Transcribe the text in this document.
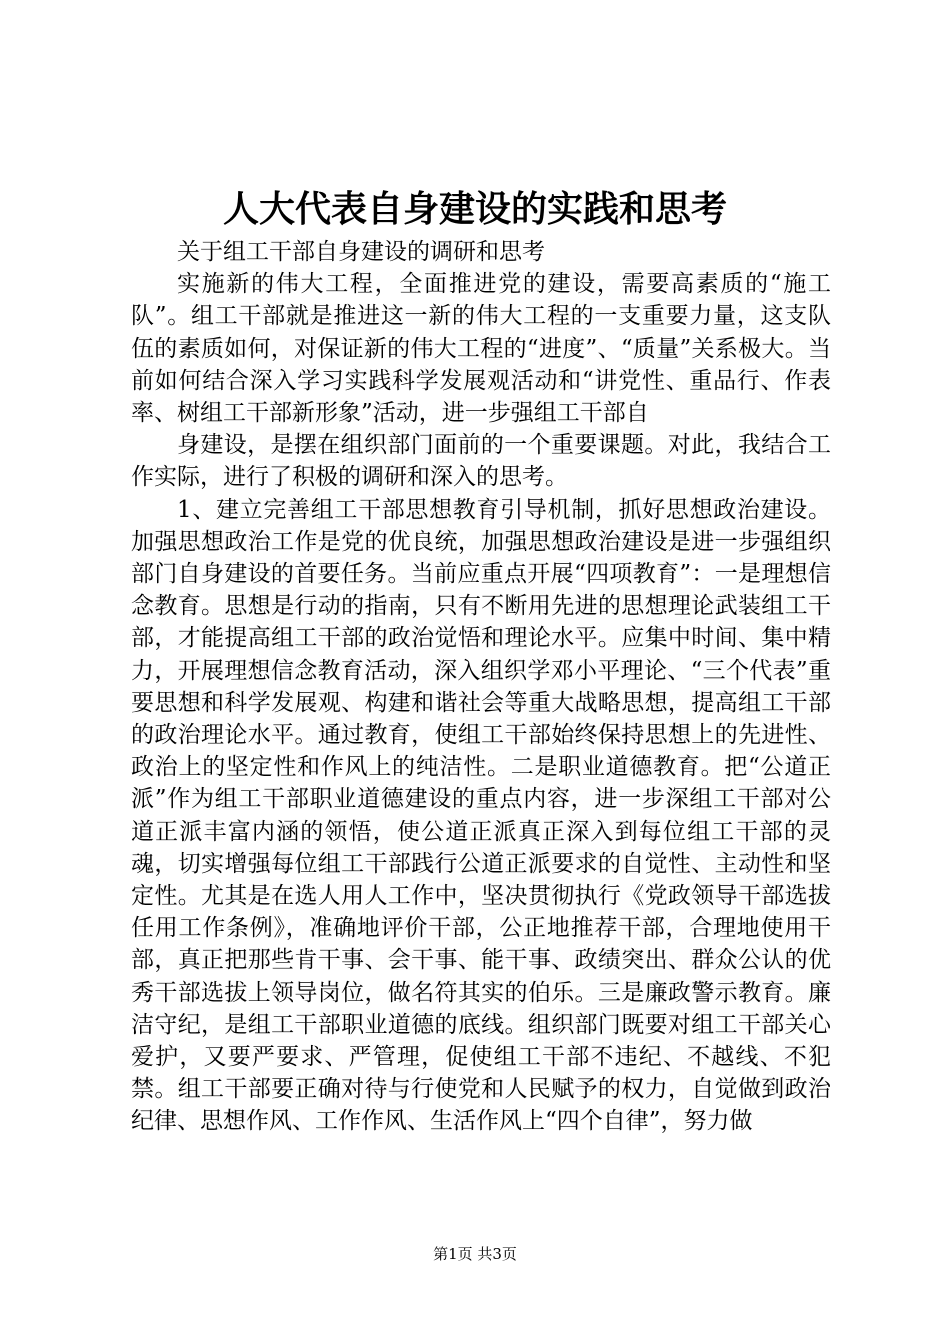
人大代表自身建设的实践和思考

关于组工干部自身建设的调研和思考

实施新的伟大工程，全面推进党的建设，需要高素质的“施工队”。组工干部就是推进这一新的伟大工程的一支重要力量，这支队伍的素质如何，对保证新的伟大工程的“进度”、“质量”关系极大。当前如何结合深入学习实践科学发展观活动和“讲党性、重品行、作表率、树组工干部新形象”活动，进一步强组工干部自

身建设，是摆在组织部门面前的一个重要课题。对此，我结合工作实际，进行了积极的调研和深入的思考。

1、建立完善组工干部思想教育引导机制，抓好思想政治建设。加强思想政治工作是党的优良统，加强思想政治建设是进一步强组织部门自身建设的首要任务。当前应重点开展“四项教育”：一是理想信念教育。思想是行动的指南，只有不断用先进的思想理论武装组工干部，才能提高组工干部的政治觉悟和理论水平。应集中时间、集中精力，开展理想信念教育活动，深入组织学邓小平理论、“三个代表”重要思想和科学发展观、构建和谐社会等重大战略思想，提高组工干部的政治理论水平。通过教育，使组工干部始终保持思想上的先进性、政治上的坚定性和作风上的纯洁性。二是职业道德教育。把“公道正派”作为组工干部职业道德建设的重点内容，进一步深组工干部对公道正派丰富内涵的领悟，使公道正派真正深入到每位组工干部的灵魂，切实增强每位组工干部践行公道正派要求的自觉性、主动性和坚定性。尤其是在选人用人工作中，坚决贯彻执行《党政领导干部选拔任用工作条例》，准确地评价干部，公正地推荐干部，合理地使用干部，真正把那些肯干事、会干事、能干事、政绩突出、群众公认的优秀干部选拔上领导岗位，做名符其实的伯乐。三是廉政警示教育。廉洁守纪，是组工干部职业道德的底线。组织部门既要对组工干部关心爱护，又要严要求、严管理，促使组工干部不违纪、不越线、不犯禁。组工干部要正确对待与行使党和人民赋予的权力，自觉做到政治纪律、思想作风、工作作风、生活作风上“四个自律”，努力做

第1页 共3页
